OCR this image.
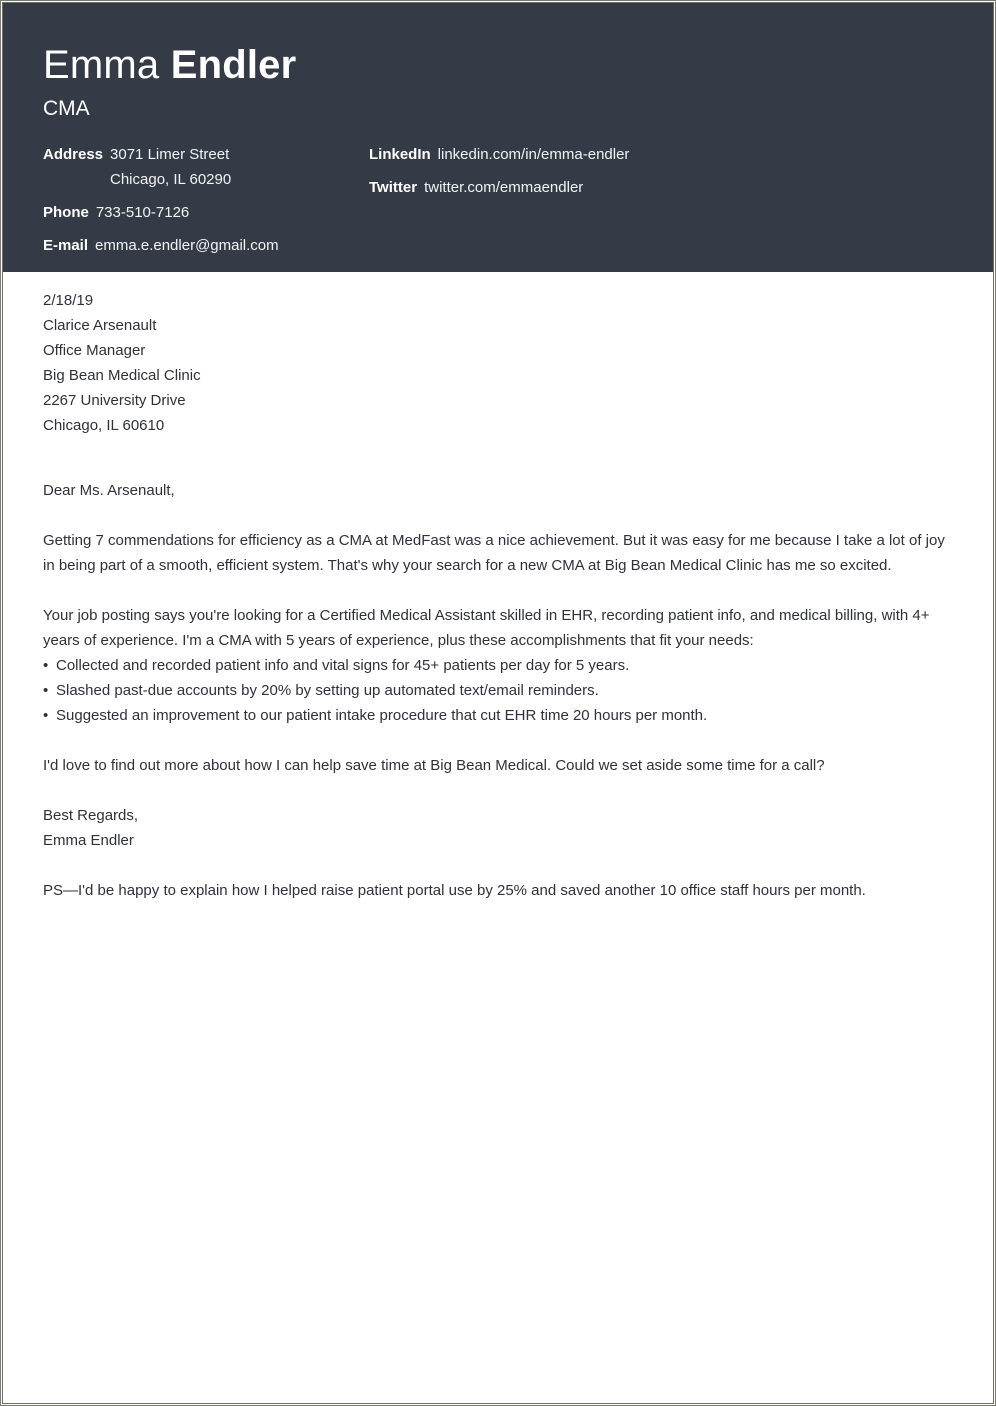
Emma Endler
CMA
Address 3071 Limer Street
Chicago, IL 60290
Phone 733-510-7126
E-mail emma.e.endler@gmail.com
LinkedIn linkedin.com/in/emma-endler
Twitter twitter.com/emmaendler

2/18/19

Clarice Arsenault
Office Manager
Big Bean Medical Clinic
2267 University Drive
Chicago, IL 60610

Dear Ms. Arsenault,

Getting 7 commendations for efficiency as a CMA at MedFast was a nice achievement. But it was easy for me because I take a lot of joy in being part of a smooth, efficient system. That's why your search for a new CMA at Big Bean Medical Clinic has me so excited.

Your job posting says you're looking for a Certified Medical Assistant skilled in EHR, recording patient info, and medical billing, with 4+ years of experience. I'm a CMA with 5 years of experience, plus these accomplishments that fit your needs:

• Collected and recorded patient info and vital signs for 45+ patients per day for 5 years.
• Slashed past-due accounts by 20% by setting up automated text/email reminders.
• Suggested an improvement to our patient intake procedure that cut EHR time 20 hours per month.

I'd love to find out more about how I can help save time at Big Bean Medical. Could we set aside some time for a call?

Best Regards,

Emma Endler

PS—I'd be happy to explain how I helped raise patient portal use by 25% and saved another 10 office staff hours per month.
